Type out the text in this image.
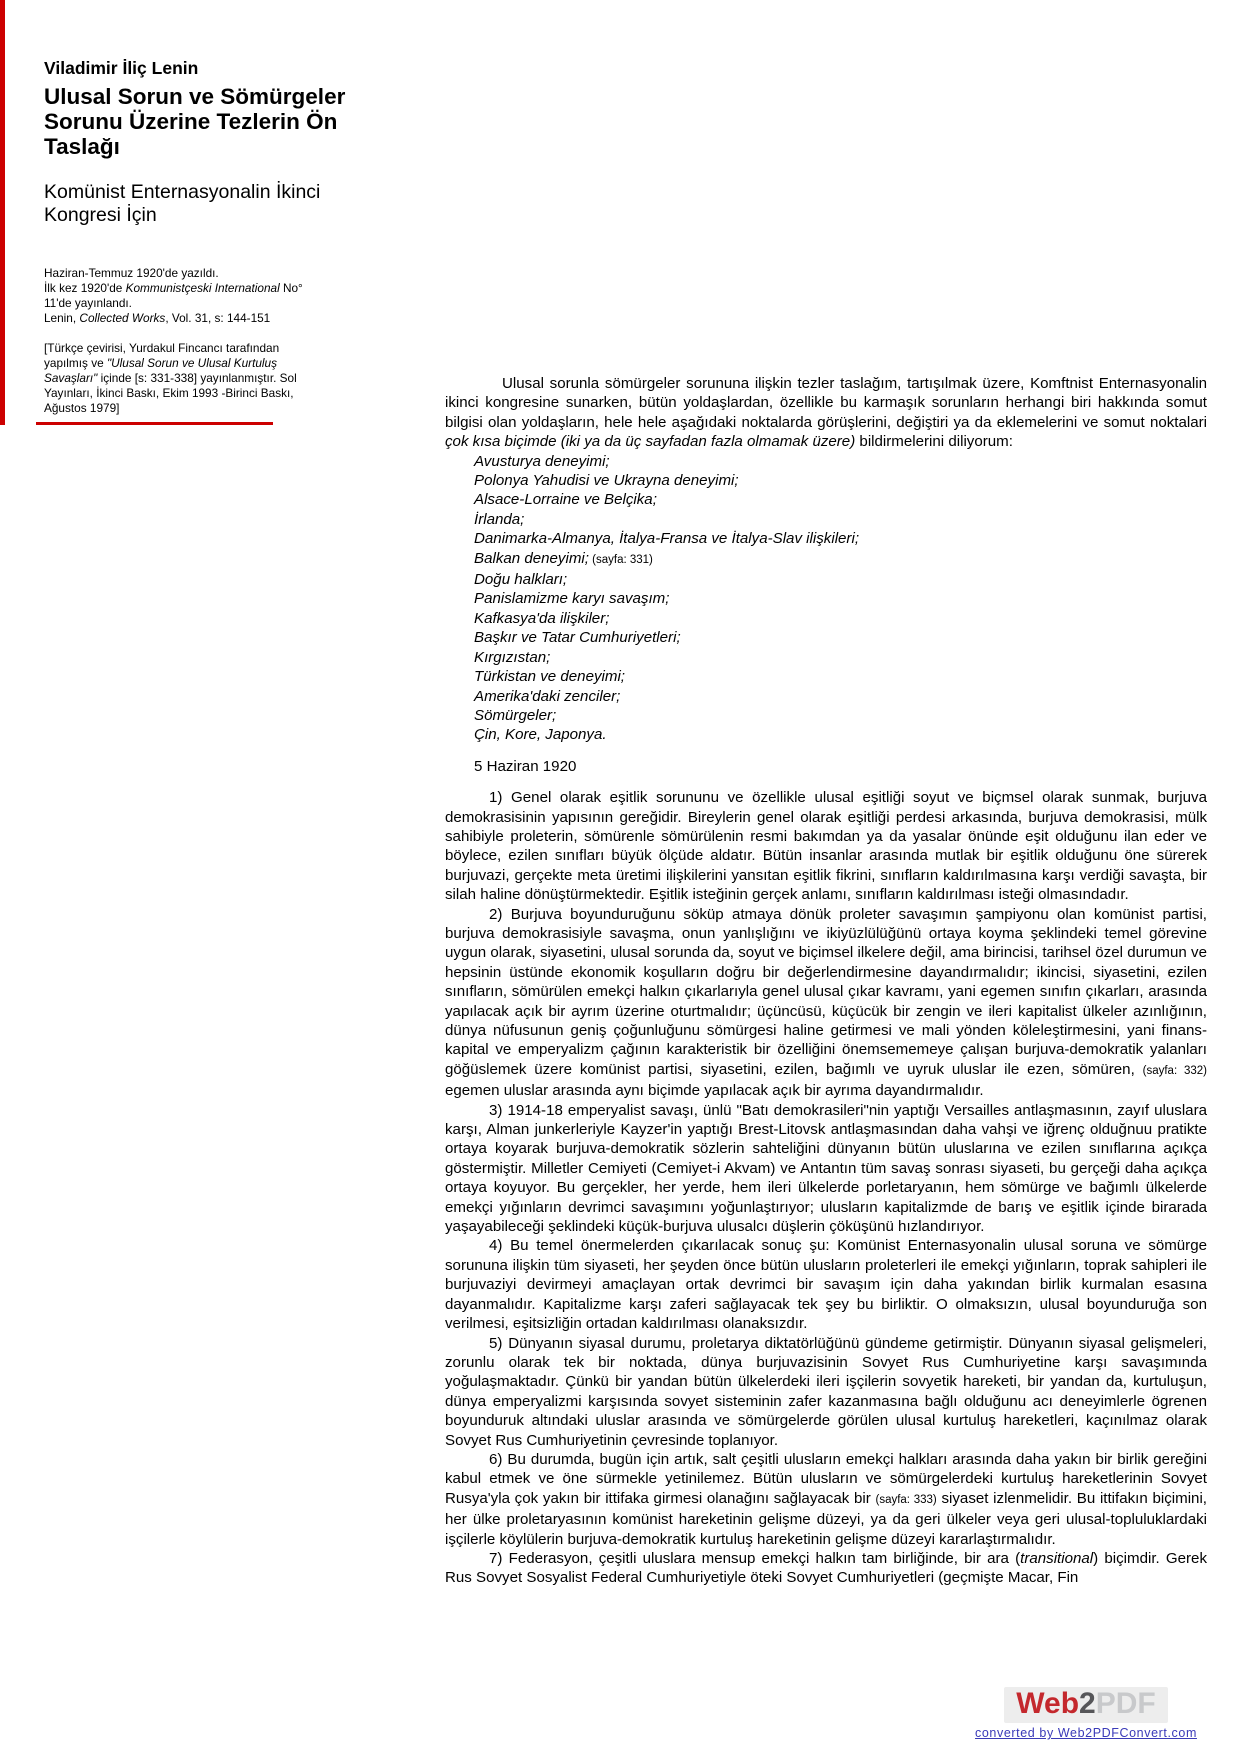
Viladimir İliç Lenin
Ulusal Sorun ve Sömürgeler
Sorunu Üzerine Tezlerin Ön
Taslağı
Komünist Enternasyonalin İkinci
Kongresi İçin
Haziran-Temmuz 1920'de yazıldı.
İlk kez 1920'de Kommunistçeski International No°
11'de yayınlandı.
Lenin, Collected Works, Vol. 31, s: 144-151
[Türkçe çevirisi, Yurdakul Fincancı tarafından
yapılmış ve "Ulusal Sorun ve Ulusal Kurtuluş
Savaşları" içinde [s: 331-338] yayınlanmıştır. Sol
Yayınları, İkinci Baskı, Ekim 1993 -Birinci Baskı,
Ağustos 1979]

Ulusal sorunla sömürgeler sorununa ilişkin tezler taslağım, tartışılmak üzere, Komftnist Enternasyonalin ikinci kongresine sunarken, bütün yoldaşlardan, özellikle bu karmaşık sorunların herhangi biri hakkında somut bilgisi olan yoldaşların, hele hele aşağıdaki noktalarda görüşlerini, değiştiri ya da eklemelerini ve somut noktalari çok kısa biçimde (iki ya da üç sayfadan fazla olmamak üzere) bildirmelerini diliyorum:

Avusturya deneyimi;

Polonya Yahudisi ve Ukrayna deneyimi;

Alsace-Lorraine ve Belçika;

İrlanda;

Danimarka-Almanya, İtalya-Fransa ve İtalya-Slav ilişkileri;

Balkan deneyimi; (sayfa: 331)

Doğu halkları;

Panislamizme karyı savaşım;

Kafkasya'da ilişkiler;

Başkır ve Tatar Cumhuriyetleri;

Kırgızıstan;

Türkistan ve deneyimi;

Amerika'daki zenciler;

Sömürgeler;

Çin, Kore, Japonya.

5 Haziran 1920

1) Genel olarak eşitlik sorununu ve özellikle ulusal eşitliği soyut ve biçmsel olarak sunmak, burjuva demokrasisinin yapısının gereğidir. Bireylerin genel olarak eşitliği perdesi arkasında, burjuva demokrasisi, mülk sahibiyle proleterin, sömürenle sömürülenin resmi bakımdan ya da yasalar önünde eşit olduğunu ilan eder ve böylece, ezilen sınıfları büyük ölçüde aldatır. Bütün insanlar arasında mutlak bir eşitlik olduğunu öne sürerek burjuvazi, gerçekte meta üretimi ilişkilerini yansıtan eşitlik fikrini, sınıfların kaldırılmasına karşı verdiği savaşta, bir silah haline dönüştürmektedir. Eşitlik isteğinin gerçek anlamı, sınıfların kaldırılması isteği olmasındadır.

2) Burjuva boyunduruğunu söküp atmaya dönük proleter savaşımın şampiyonu olan komünist partisi, burjuva demokrasisiyle savaşma, onun yanlışlığını ve ikiyüzlülüğünü ortaya koyma şeklindeki temel görevine uygun olarak, siyasetini, ulusal sorunda da, soyut ve biçimsel ilkelere değil, ama birincisi, tarihsel özel durumun ve hepsinin üstünde ekonomik koşulların doğru bir değerlendirmesine dayandırmalıdır; ikincisi, siyasetini, ezilen sınıfların, sömürülen emekçi halkın çıkarlarıyla genel ulusal çıkar kavramı, yani egemen sınıfın çıkarları, arasında yapılacak açık bir ayrım üzerine oturtmalıdır; üçüncüsü, küçücük bir zengin ve ileri kapitalist ülkeler azınlığının, dünya nüfusunun geniş çoğunluğunu sömürgesi haline getirmesi ve mali yönden köleleştirmesini, yani finans-kapital ve emperyalizm çağının karakteristik bir özelliğini önemsememeye çalışan burjuva-demokratik yalanları göğüslemek üzere komünist partisi, siyasetini, ezilen, bağımlı ve uyruk uluslar ile ezen, sömüren, (sayfa: 332) egemen uluslar arasında aynı biçimde yapılacak açık bir ayrıma dayandırmalıdır.

3) 1914-18 emperyalist savaşı, ünlü "Batı demokrasileri"nin yaptığı Versailles antlaşmasının, zayıf uluslara karşı, Alman junkerleriyle Kayzer'in yaptığı Brest-Litovsk antlaşmasından daha vahşi ve iğrenç olduğnuu pratikte ortaya koyarak burjuva-demokratik sözlerin sahteliğini dünyanın bütün uluslarına ve ezilen sınıflarına açıkça göstermiştir. Milletler Cemiyeti (Cemiyet-i Akvam) ve Antantın tüm savaş sonrası siyaseti, bu gerçeği daha açıkça ortaya koyuyor. Bu gerçekler, her yerde, hem ileri ülkelerde porletaryanın, hem sömürge ve bağımlı ülkelerde emekçi yığınların devrimci savaşımını yoğunlaştırıyor; ulusların kapitalizmde de barış ve eşitlik içinde birarada yaşayabileceği şeklindeki küçük-burjuva ulusalcı düşlerin çöküşünü hızlandırıyor.

4) Bu temel önermelerden çıkarılacak sonuç şu: Komünist Enternasyonalin ulusal soruna ve sömürge sorununa ilişkin tüm siyaseti, her şeyden önce bütün ulusların proleterleri ile emekçi yığınların, toprak sahipleri ile burjuvaziyi devirmeyi amaçlayan ortak devrimci bir savaşım için daha yakından birlik kurmalan esasına dayanmalıdır. Kapitalizme karşı zaferi sağlayacak tek şey bu birliktir. O olmaksızın, ulusal boyunduruğa son verilmesi, eşitsizliğin ortadan kaldırılması olanaksızdır.

5) Dünyanın siyasal durumu, proletarya diktatörlüğünü gündeme getirmiştir. Dünyanın siyasal gelişmeleri, zorunlu olarak tek bir noktada, dünya burjuvazisinin Sovyet Rus Cumhuriyetine karşı savaşımında yoğulaşmaktadır. Çünkü bir yandan bütün ülkelerdeki ileri işçilerin sovyetik hareketi, bir yandan da, kurtuluşun, dünya emperyalizmi karşısında sovyet sisteminin zafer kazanmasına bağlı olduğunu acı deneyimlerle ögrenen boyunduruk altındaki uluslar arasında ve sömürgelerde görülen ulusal kurtuluş hareketleri, kaçınılmaz olarak Sovyet Rus Cumhuriyetinin çevresinde toplanıyor.

6) Bu durumda, bugün için artık, salt çeşitli ulusların emekçi halkları arasında daha yakın bir birlik gereğini kabul etmek ve öne sürmekle yetinilemez. Bütün ulusların ve sömürgelerdeki kurtuluş hareketlerinin Sovyet Rusya'yla çok yakın bir ittifaka girmesi olanağını sağlayacak bir (sayfa: 333) siyaset izlenmelidir. Bu ittifakın biçimini, her ülke proletaryasının komünist hareketinin gelişme düzeyi, ya da geri ülkeler veya geri ulusal-topluluklardaki işçilerle köylülerin burjuva-demokratik kurtuluş hareketinin gelişme düzeyi kararlaştırmalıdır.

7) Federasyon, çeşitli uluslara mensup emekçi halkın tam birliğinde, bir ara (transitional) biçimdir. Gerek Rus Sovyet Sosyalist Federal Cumhuriyetiyle öteki Sovyet Cumhuriyetleri (geçmişte Macar, Fin

Web2PDF
converted by Web2PDFConvert.com
